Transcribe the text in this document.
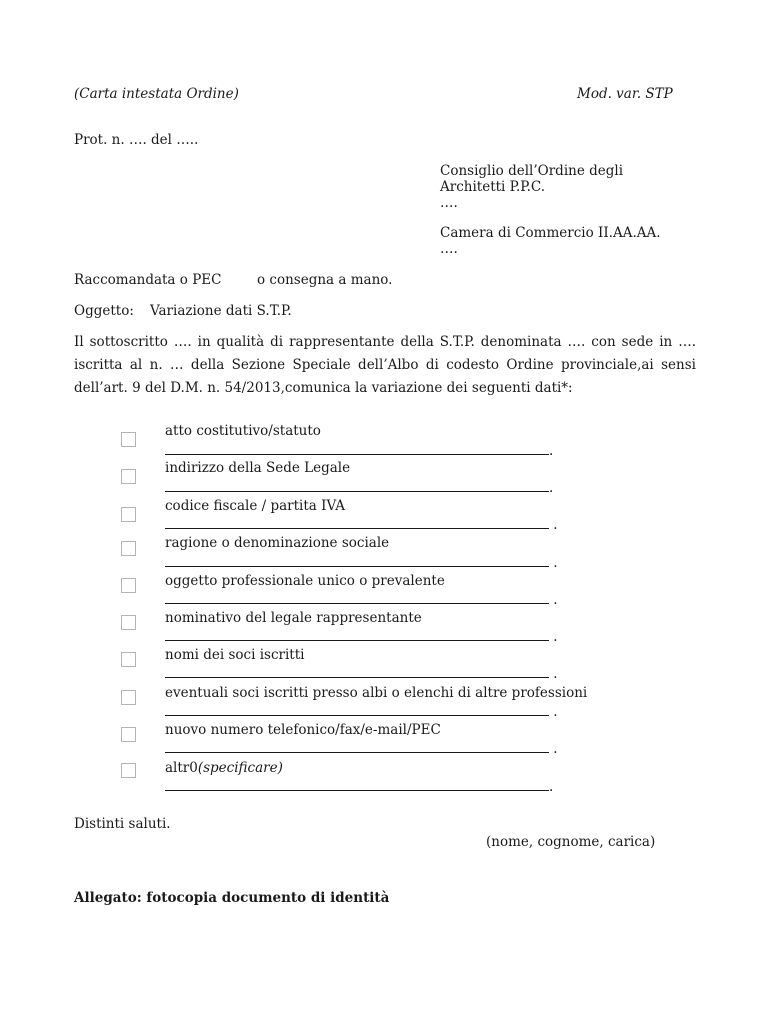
(Carta intestata Ordine)	Mod. var. STP
Prot. n. …. del …..
Consiglio dell’Ordine degli
Architetti P.P.C.
….
Camera di Commercio II.AA.AA.
….
Raccomandata o PEC	o consegna a mano.
Oggetto: Variazione dati S.T.P.
Il sottoscritto …. in qualità di rappresentante della S.T.P. denominata …. con sede in …. iscritta al n. … della Sezione Speciale dell’Albo di codesto Ordine provinciale,ai sensi dell’art. 9 del D.M. n. 54/2013,comunica la variazione dei seguenti dati*:
atto costitutivo/statuto
.
indirizzo della Sede Legale
.
codice fiscale / partita IVA
.
ragione o denominazione sociale
.
oggetto professionale unico o prevalente
.
nominativo del legale rappresentante
.
nomi dei soci iscritti
.
eventuali soci iscritti presso albi o elenchi di altre professioni
.
nuovo numero telefonico/fax/e-mail/PEC
.
altr0(specificare)
.
Distinti saluti.
(nome, cognome, carica)
Allegato: fotocopia documento di identità
